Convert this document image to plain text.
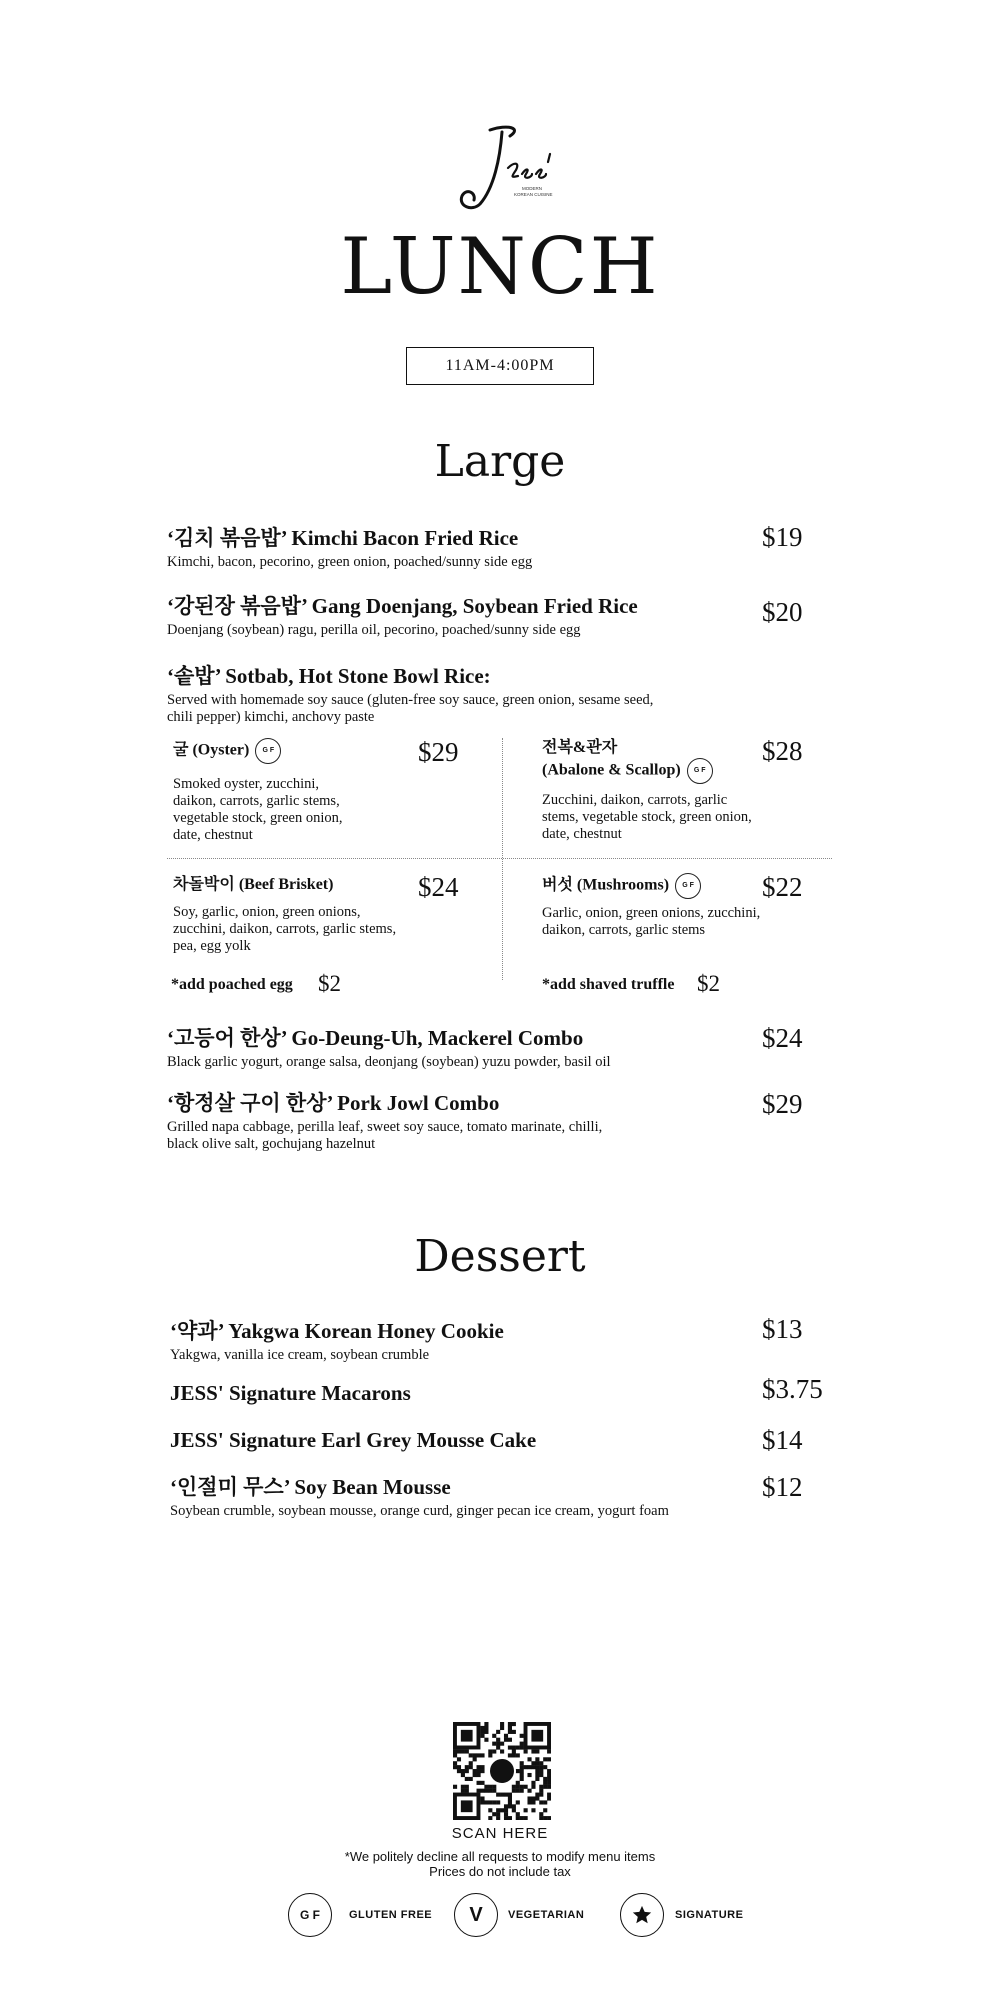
MODERN
KOREAN CUISINE
LUNCH
11AM-4:00PM
Large
‘김치 볶음밥’ Kimchi Bacon Fried Rice
Kimchi, bacon, pecorino, green onion, poached/sunny side egg
$19
‘강된장 볶음밥’ Gang Doenjang, Soybean Fried Rice
Doenjang (soybean) ragu, perilla oil, pecorino, poached/sunny side egg
$20
‘솥밥’ Sotbab, Hot Stone Bowl Rice:
Served with homemade soy sauce (gluten-free soy sauce, green onion, sesame seed,
chili pepper) kimchi, anchovy paste
굴 (Oyster) G F
Smoked oyster, zucchini,
daikon, carrots, garlic stems,
vegetable stock, green onion,
date, chestnut
$29	전복&관자
(Abalone & Scallop) G F
Zucchini, daikon, carrots, garlic
stems, vegetable stock, green onion,
date, chestnut
$28
차돌박이 (Beef Brisket)
Soy, garlic, onion, green onions,
zucchini, daikon, carrots, garlic stems,
pea, egg yolk
$24	버섯 (Mushrooms) G F
Garlic, onion, green onions, zucchini,
daikon, carrots, garlic stems
$22
*add poached egg $2	*add shaved truffle $2
‘고등어 한상’ Go-Deung-Uh, Mackerel Combo
Black garlic yogurt, orange salsa, deonjang (soybean) yuzu powder, basil oil
$24
‘항정살 구이 한상’ Pork Jowl Combo
Grilled napa cabbage, perilla leaf, sweet soy sauce, tomato marinate, chilli,
black olive salt, gochujang hazelnut
$29
Dessert
‘약과’ Yakgwa Korean Honey Cookie
Yakgwa, vanilla ice cream, soybean crumble
$13
JESS' Signature Macarons	$3.75
JESS' Signature Earl Grey Mousse Cake	$14
‘인절미 무스’ Soy Bean Mousse
Soybean crumble, soybean mousse, orange curd, ginger pecan ice cream, yogurt foam
$12
SCAN HERE
*We politely decline all requests to modify menu items
Prices do not include tax
G F	GLUTEN FREE	V	VEGETARIAN	SIGNATURE
